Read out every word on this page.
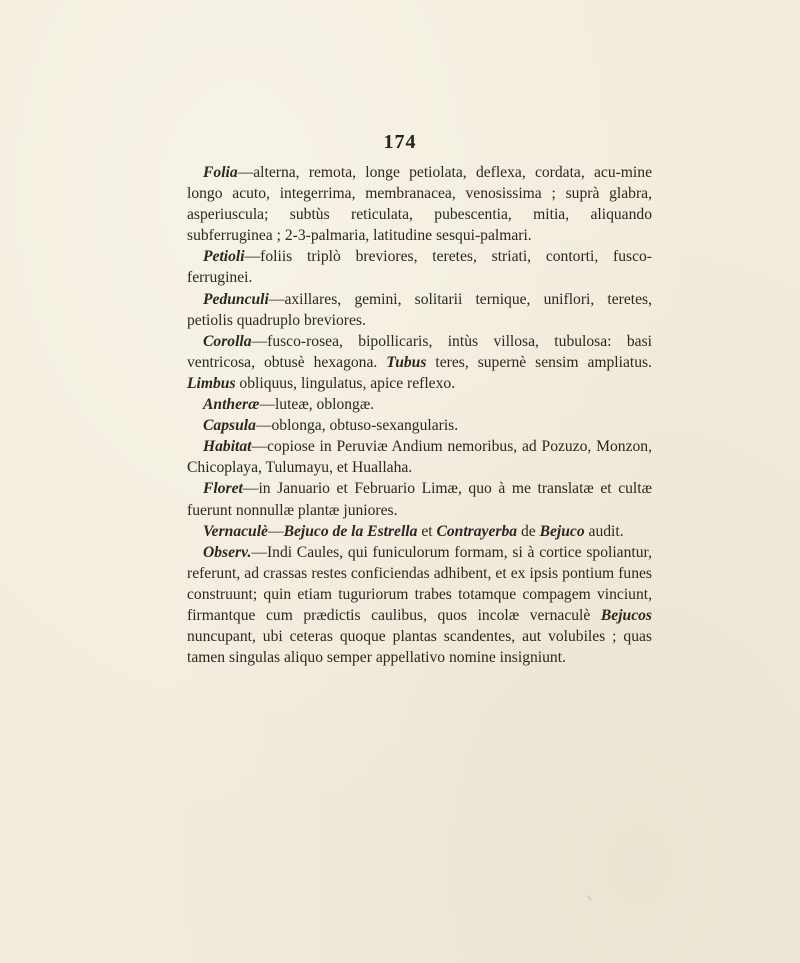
174

Folia—alterna, remota, longe petiolata, deflexa, cordata, acu-mine longo acuto, integerrima, membranacea, venosissima ; suprà glabra, asperiuscula; subtùs reticulata, pubescentia, mitia, aliquando subferruginea ; 2-3-palmaria, latitudine sesqui-palmari.

Petioli—foliis triplò breviores, teretes, striati, contorti, fusco-ferruginei.

Pedunculi—axillares, gemini, solitarii ternique, uniflori, teretes, petiolis quadruplo breviores.

Corolla—fusco-rosea, bipollicaris, intùs villosa, tubulosa: basi ventricosa, obtusè hexagona. Tubus teres, supernè sensim ampliatus. Limbus obliquus, lingulatus, apice reflexo.

Antheræ—luteæ, oblongæ.

Capsula—oblonga, obtuso-sexangularis.

Habitat—copiose in Peruviæ Andium nemoribus, ad Pozuzo, Monzon, Chicoplaya, Tulumayu, et Huallaha.

Floret—in Januario et Februario Limæ, quo à me translatæ et cultæ fuerunt nonnullæ plantæ juniores.

Vernaculè—Bejuco de la Estrella et Contrayerba de Bejuco audit.

Observ.—Indi Caules, qui funiculorum formam, si à cortice spoliantur, referunt, ad crassas restes conficiendas adhibent, et ex ipsis pontium funes construunt; quin etiam tuguriorum trabes totamque compagem vinciunt, firmantque cum prædictis caulibus, quos incolæ vernaculè Bejucos nuncupant, ubi ceteras quoque plantas scandentes, aut volubiles ; quas tamen singulas aliquo semper appellativo nomine insigniunt.
